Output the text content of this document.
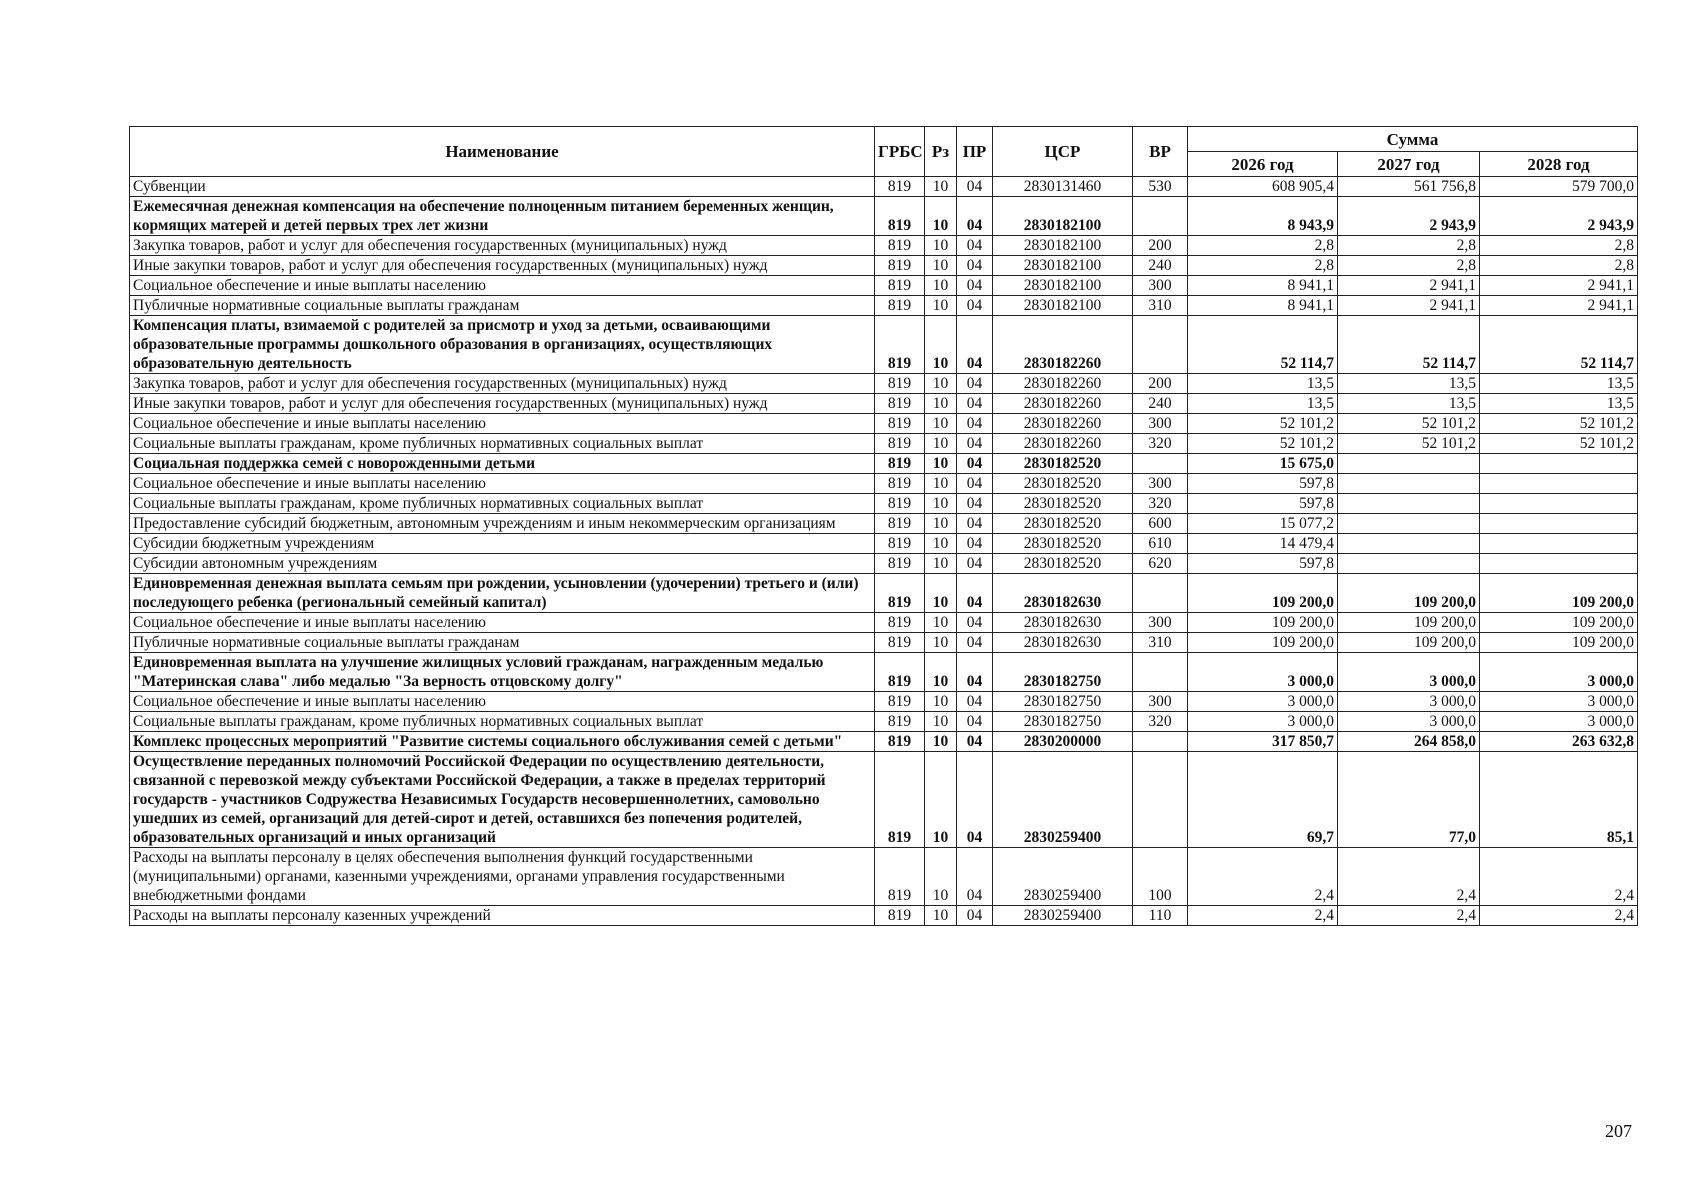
Наименование	ГРБС	Рз	ПР	ЦСР	ВР	Сумма		
						2026 год	2027 год	2028 год
Субвенции	819	10	04	2830131460	530	608 905,4	561 756,8	579 700,0
Ежемесячная денежная компенсация на обеспечение полноценным питанием беременных женщин, кормящих матерей и детей первых трех лет жизни	819	10	04	2830182100		8 943,9	2 943,9	2 943,9
Закупка товаров, работ и услуг для обеспечения государственных (муниципальных) нужд	819	10	04	2830182100	200	2,8	2,8	2,8
Иные закупки товаров, работ и услуг для обеспечения государственных (муниципальных) нужд	819	10	04	2830182100	240	2,8	2,8	2,8
Социальное обеспечение и иные выплаты населению	819	10	04	2830182100	300	8 941,1	2 941,1	2 941,1
Публичные нормативные социальные выплаты гражданам	819	10	04	2830182100	310	8 941,1	2 941,1	2 941,1
Компенсация платы, взимаемой с родителей за присмотр и уход за детьми, осваивающими образовательные программы дошкольного образования в организациях, осуществляющих образовательную деятельность	819	10	04	2830182260		52 114,7	52 114,7	52 114,7
Закупка товаров, работ и услуг для обеспечения государственных (муниципальных) нужд	819	10	04	2830182260	200	13,5	13,5	13,5
Иные закупки товаров, работ и услуг для обеспечения государственных (муниципальных) нужд	819	10	04	2830182260	240	13,5	13,5	13,5
Социальное обеспечение и иные выплаты населению	819	10	04	2830182260	300	52 101,2	52 101,2	52 101,2
Социальные выплаты гражданам, кроме публичных нормативных социальных выплат	819	10	04	2830182260	320	52 101,2	52 101,2	52 101,2
Социальная поддержка семей с новорожденными детьми	819	10	04	2830182520		15 675,0		
Социальное обеспечение и иные выплаты населению	819	10	04	2830182520	300	597,8		
Социальные выплаты гражданам, кроме публичных нормативных социальных выплат	819	10	04	2830182520	320	597,8		
Предоставление субсидий бюджетным, автономным учреждениям и иным некоммерческим организациям	819	10	04	2830182520	600	15 077,2		
Субсидии бюджетным учреждениям	819	10	04	2830182520	610	14 479,4		
Субсидии автономным учреждениям	819	10	04	2830182520	620	597,8		
Единовременная денежная выплата семьям при рождении, усыновлении (удочерении) третьего и (или) последующего ребенка (региональный семейный капитал)	819	10	04	2830182630		109 200,0	109 200,0	109 200,0
Социальное обеспечение и иные выплаты населению	819	10	04	2830182630	300	109 200,0	109 200,0	109 200,0
Публичные нормативные социальные выплаты гражданам	819	10	04	2830182630	310	109 200,0	109 200,0	109 200,0
Единовременная выплата на улучшение жилищных условий гражданам, награжденным медалью "Материнская слава" либо медалью "За верность отцовскому долгу"	819	10	04	2830182750		3 000,0	3 000,0	3 000,0
Социальное обеспечение и иные выплаты населению	819	10	04	2830182750	300	3 000,0	3 000,0	3 000,0
Социальные выплаты гражданам, кроме публичных нормативных социальных выплат	819	10	04	2830182750	320	3 000,0	3 000,0	3 000,0
Комплекс процессных мероприятий "Развитие системы социального обслуживания семей с детьми"	819	10	04	2830200000		317 850,7	264 858,0	263 632,8
Осуществление переданных полномочий Российской Федерации по осуществлению деятельности, связанной с перевозкой между субъектами Российской Федерации, а также в пределах территорий государств - участников Содружества Независимых Государств несовершеннолетних, самовольно ушедших из семей, организаций для детей-сирот и детей, оставшихся без попечения родителей, образовательных организаций и иных организаций	819	10	04	2830259400		69,7	77,0	85,1
Расходы на выплаты персоналу в целях обеспечения выполнения функций государственными (муниципальными) органами, казенными учреждениями, органами управления государственными внебюджетными фондами	819	10	04	2830259400	100	2,4	2,4	2,4
Расходы на выплаты персоналу казенных учреждений	819	10	04	2830259400	110	2,4	2,4	2,4
207
